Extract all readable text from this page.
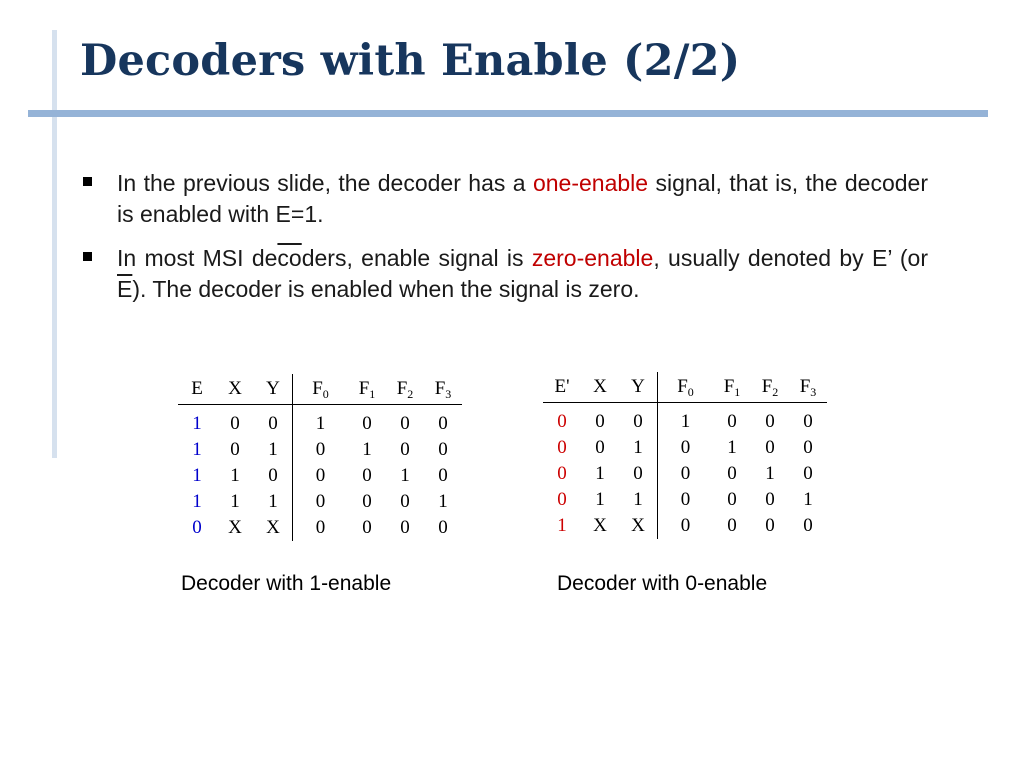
Decoders with Enable (2/2)
In the previous slide, the decoder has a one-enable signal, that is, the decoder is enabled with E=1.
In most MSI $de\overline{co}ders$, enable signal is zero-enable, usually denoted by E’ (or $\overline{E}$). The decoder is enabled when the signal is zero.
E	X	Y	$F_0$	$F_1$	$F_2$	$F_3$
1	0	0	1	0	0	0
1	0	1	0	1	0	0
1	1	0	0	0	1	0
1	1	1	0	0	0	1
0	X	X	0	0	0	0
Decoder with 1-enable
E'	X	Y	$F_0$	$F_1$	$F_2$	$F_3$
0	0	0	1	0	0	0
0	0	1	0	1	0	0
0	1	0	0	0	1	0
0	1	1	0	0	0	1
1	X	X	0	0	0	0
Decoder with 0-enable
